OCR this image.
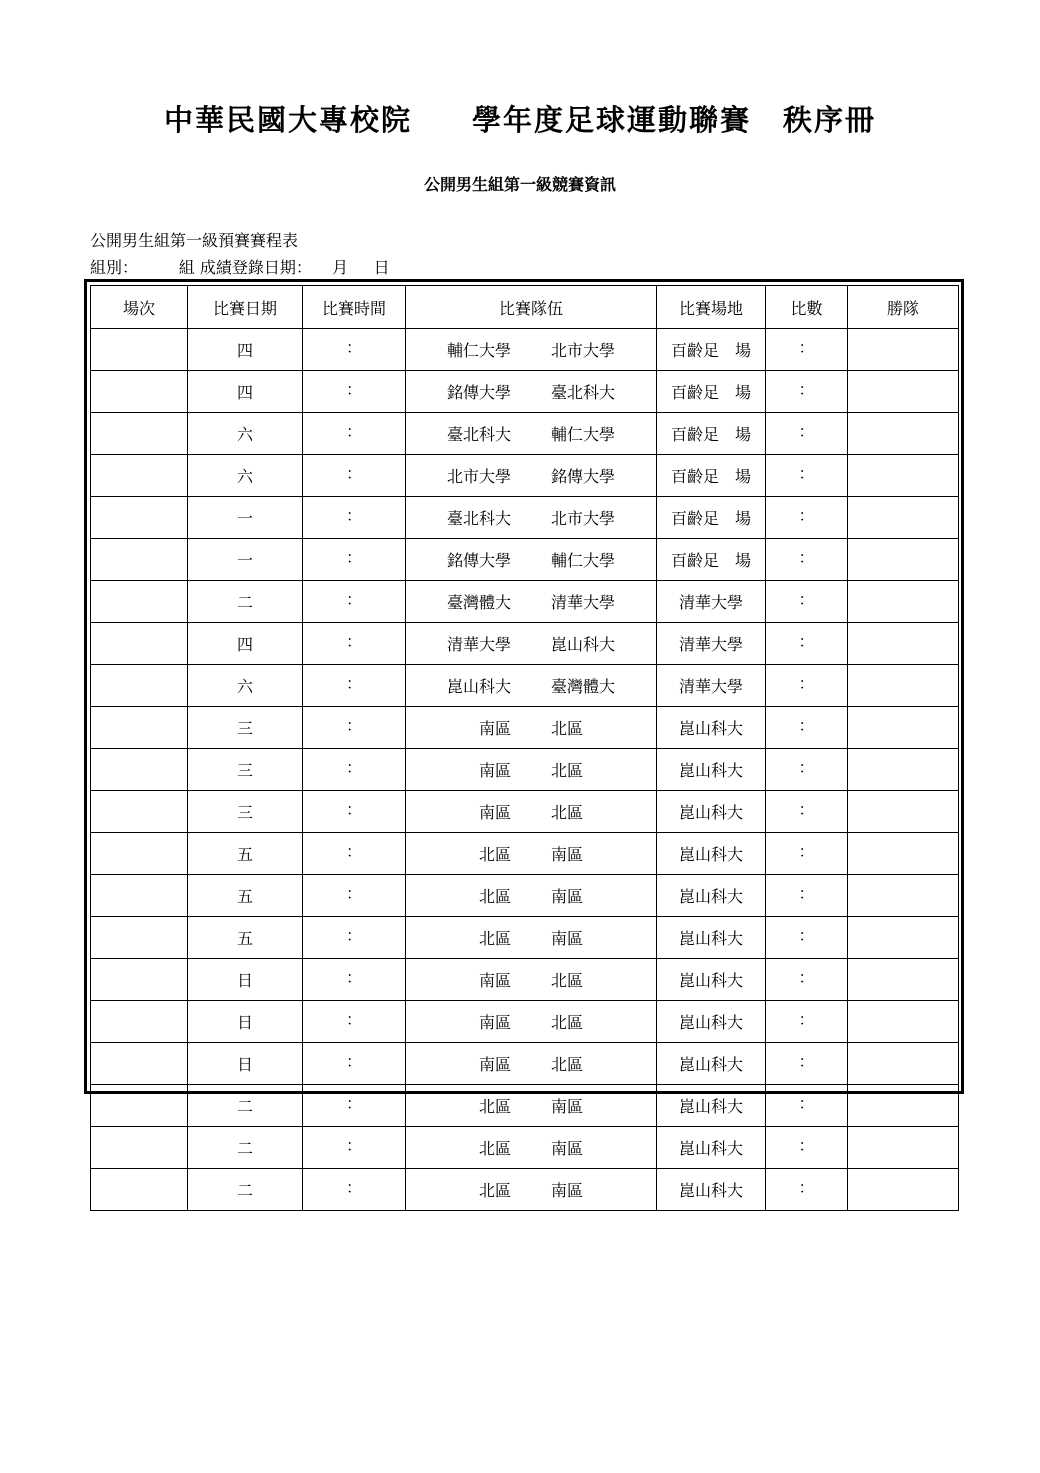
中華民國大專校院 學年度足球運動聯賽 秩序冊
公開男生組第一級競賽資訊
公開男生組第一級預賽賽程表
組別：	組 成績登錄日期： 月 日
場次	比賽日期	比賽時間	比賽隊伍	比賽場地	比數	勝隊
	四	：	輔仁大學 北市大學	百齡足　場	：	
	四	：	銘傳大學 臺北科大	百齡足　場	：	
	六	：	臺北科大 輔仁大學	百齡足　場	：	
	六	：	北市大學 銘傳大學	百齡足　場	：	
	一	：	臺北科大 北市大學	百齡足　場	：	
	一	：	銘傳大學 輔仁大學	百齡足　場	：	
	二	：	臺灣體大 清華大學	清華大學	：	
	四	：	清華大學 崑山科大	清華大學	：	
	六	：	崑山科大 臺灣體大	清華大學	：	
	三	：	南區 北區	崑山科大	：	
	三	：	南區 北區	崑山科大	：	
	三	：	南區 北區	崑山科大	：	
	五	：	北區 南區	崑山科大	：	
	五	：	北區 南區	崑山科大	：	
	五	：	北區 南區	崑山科大	：	
	日	：	南區 北區	崑山科大	：	
	日	：	南區 北區	崑山科大	：	
	日	：	南區 北區	崑山科大	：	
	二	：	北區 南區	崑山科大	：	
	二	：	北區 南區	崑山科大	：	
	二	：	北區 南區	崑山科大	：	
